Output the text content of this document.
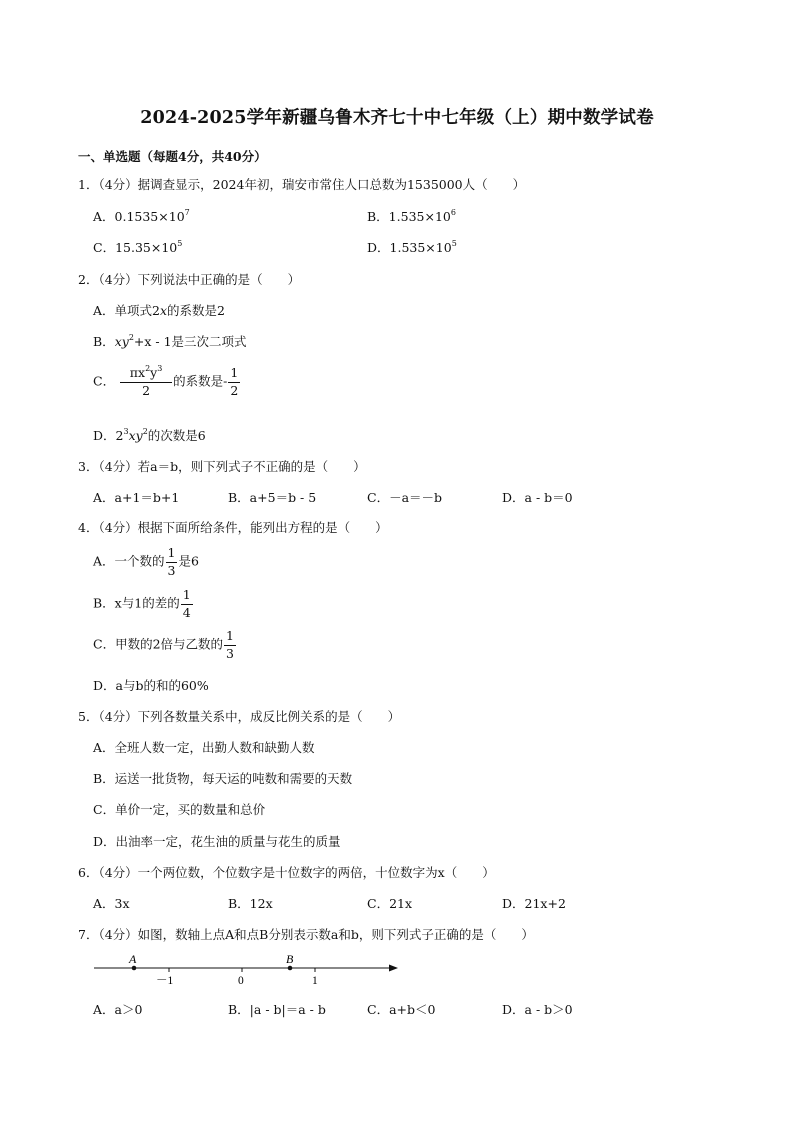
2024-2025学年新疆乌鲁木齐七十中七年级（上）期中数学试卷
一、单选题（每题4分，共40分）
1．（4分）据调查显示，2024年初，瑞安市常住人口总数为1535000人（　　）
A．$0.1535\times 10^7$	B．$1.535\times 10^6$
C．$15.35\times 10^5$	D．$1.535\times 10^5$
2．（4分）下列说法中正确的是（　　）
A．单项式2x的系数是2
B．$xy^2+x - 1$是三次二项式
C． $\frac{\pi x^2y^3}{2}$ 的系数是- $\frac{1}{2}$
D．$2^3xy^2$的次数是6
3．（4分）若a＝b，则下列式子不正确的是（　　）
A．a+1＝b+1	B．a+5＝b - 5	C．－a＝－b	D．a - b＝0
4．（4分）根据下面所给条件，能列出方程的是（　　）
A．一个数的 $\frac{1}{3}$ 是6
B．x与1的差的 $\frac{1}{4}$
C．甲数的2倍与乙数的 $\frac{1}{3}$
D．a与b的和的60%
5．（4分）下列各数量关系中，成反比例关系的是（　　）
A．全班人数一定，出勤人数和缺勤人数
B．运送一批货物，每天运的吨数和需要的天数
C．单价一定，买的数量和总价
D．出油率一定，花生油的质量与花生的质量
6．（4分）一个两位数，个位数字是十位数字的两倍，十位数字为x（　　）
A．3x	B．12x	C．21x	D．21x+2
7．（4分）如图，数轴上点A和点B分别表示数a和b，则下列式子正确的是（　　）
A	B
－1	0	1
A．a＞0	B．|a - b|＝a - b	C．a+b＜0	D．a - b＞0
